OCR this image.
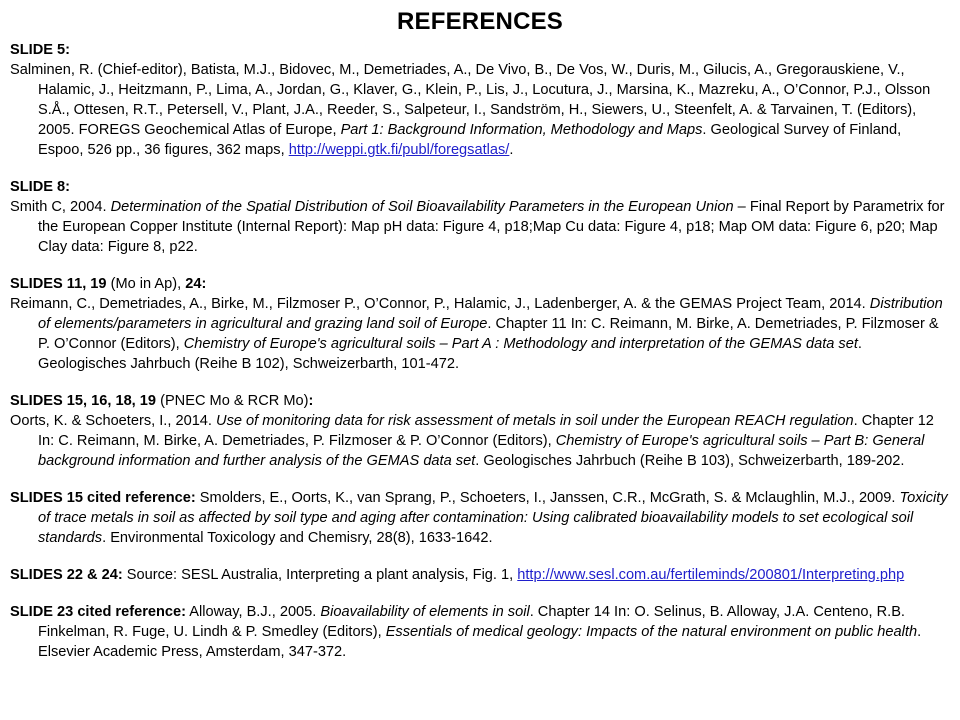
REFERENCES
SLIDE 5:
Salminen, R. (Chief-editor), Batista, M.J., Bidovec, M., Demetriades, A., De Vivo, B., De Vos, W., Duris, M., Gilucis, A., Gregorauskiene, V., Halamic, J., Heitzmann, P., Lima, A., Jordan, G., Klaver, G., Klein, P., Lis, J., Locutura, J., Marsina, K., Mazreku, A., O’Connor, P.J., Olsson S.Å., Ottesen, R.T., Petersell, V., Plant, J.A., Reeder, S., Salpeteur, I., Sandström, H., Siewers, U., Steenfelt, A. & Tarvainen, T. (Editors), 2005. FOREGS Geochemical Atlas of Europe, Part 1: Background Information, Methodology and Maps. Geological Survey of Finland, Espoo, 526 pp., 36 figures, 362 maps, http://weppi.gtk.fi/publ/foregsatlas/.
SLIDE 8:
Smith C, 2004. Determination of the Spatial Distribution of Soil Bioavailability Parameters in the European Union – Final Report by Parametrix for the European Copper Institute (Internal Report): Map pH data: Figure 4, p18;Map Cu data: Figure 4, p18; Map OM data: Figure 6, p20; Map Clay data: Figure 8, p22.
SLIDES 11, 19 (Mo in Ap), 24:
Reimann, C., Demetriades, A., Birke, M., Filzmoser P., O’Connor, P., Halamic, J., Ladenberger, A. & the GEMAS Project Team, 2014. Distribution of elements/parameters in agricultural and grazing land soil of Europe. Chapter 11 In: C. Reimann, M. Birke, A. Demetriades, P. Filzmoser & P. O’Connor (Editors), Chemistry of Europe's agricultural soils – Part A : Methodology and interpretation of the GEMAS data set. Geologisches Jahrbuch (Reihe B 102), Schweizerbarth, 101-472.
SLIDES 15, 16, 18, 19 (PNEC Mo & RCR Mo):
Oorts, K. & Schoeters, I., 2014. Use of monitoring data for risk assessment of metals in soil under the European REACH regulation. Chapter 12 In: C. Reimann, M. Birke, A. Demetriades, P. Filzmoser & P. O’Connor (Editors), Chemistry of Europe's agricultural soils – Part B: General background information and further analysis of the GEMAS data set. Geologisches Jahrbuch (Reihe B 103), Schweizerbarth, 189-202.
SLIDES 15 cited reference: Smolders, E., Oorts, K., van Sprang, P., Schoeters, I., Janssen, C.R., McGrath, S. & Mclaughlin, M.J., 2009. Toxicity of trace metals in soil as affected by soil type and aging after contamination: Using calibrated bioavailability models to set ecological soil standards. Environmental Toxicology and Chemisry, 28(8), 1633-1642.
SLIDES 22 & 24: Source: SESL Australia, Interpreting a plant analysis, Fig. 1, http://www.sesl.com.au/fertileminds/200801/Interpreting.php
SLIDE 23 cited reference: Alloway, B.J., 2005. Bioavailability of elements in soil. Chapter 14 In: O. Selinus, B. Alloway, J.A. Centeno, R.B. Finkelman, R. Fuge, U. Lindh & P. Smedley (Editors), Essentials of medical geology: Impacts of the natural environment on public health. Elsevier Academic Press, Amsterdam, 347-372.
